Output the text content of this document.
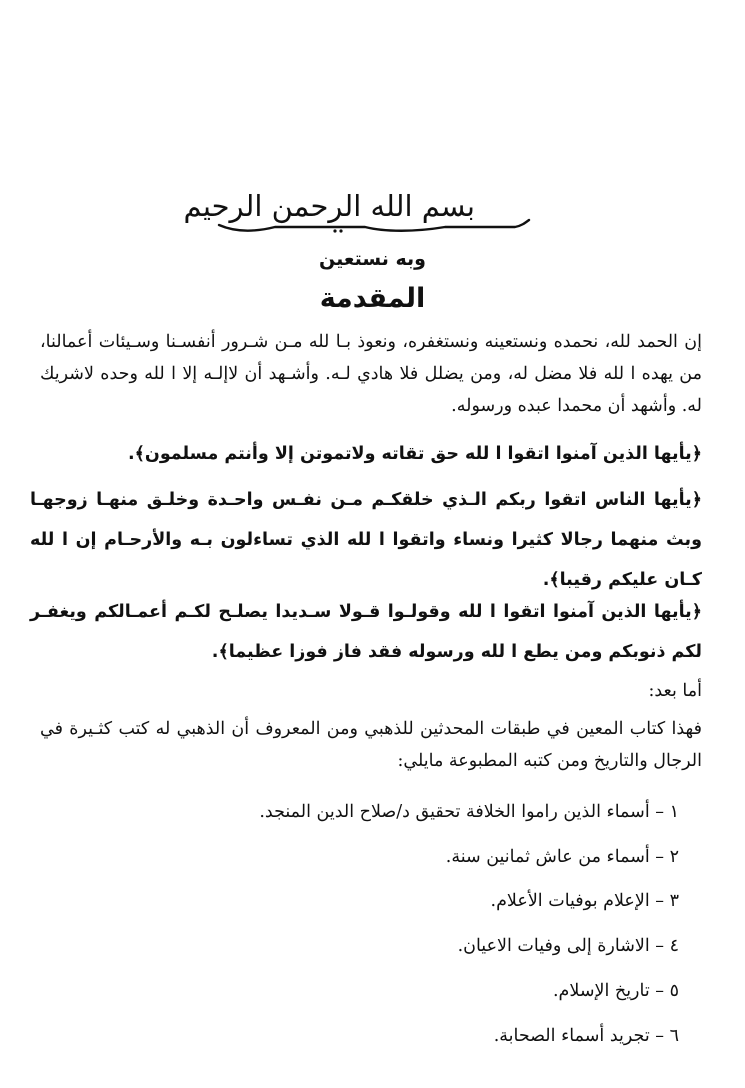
بسم الله الرحمن الرحيم
وبه نستعين
المقدمة

إن الحمد لله، نحمده ونستعينه ونستغفره، ونعوذ بـا لله مـن شـرور أنفسـنا وسـيئات أعمالنا، من يهده ا لله فلا مضل له، ومن يضلل فلا هادي لـه. وأشـهد أن لاإلـه إلا ا لله وحده لاشريك له. وأشهد أن محمدا عبده ورسوله.

﴿يأيها الذين آمنوا اتقوا ا لله حق تقاته ولاتموتن إلا وأنتم مسلمون﴾.

﴿يأيها الناس اتقوا ربكم الـذي خلقكـم مـن نفـس واحـدة وخلـق منهـا زوجهـا وبث منهما رجالا كثيرا ونساء واتقوا ا لله الذي تساءلون بـه والأرحـام إن ا لله كـان عليكم رقيبا﴾.

﴿يأيها الذين آمنوا اتقوا ا لله وقولـوا قـولا سـديدا يصلـح لكـم أعمـالكم ويغفـر لكم ذنوبكم ومن يطع ا لله ورسوله فقد فاز فوزا عظيما﴾.

أما بعد:

فهذا كتاب المعين في طبقات المحدثين للذهبي ومن المعروف أن الذهبي له كتب كثـيرة في الرجال والتاريخ ومن كتبه المطبوعة مايلي:

١ – أسماء الذين راموا الخلافة تحقيق د/صلاح الدين المنجد.
٢ – أسماء من عاش ثمانين سنة.
٣ – الإعلام بوفيات الأعلام.
٤ – الاشارة إلى وفيات الاعيان.
٥ – تاريخ الإسلام.
٦ – تجريد أسماء الصحابة.
